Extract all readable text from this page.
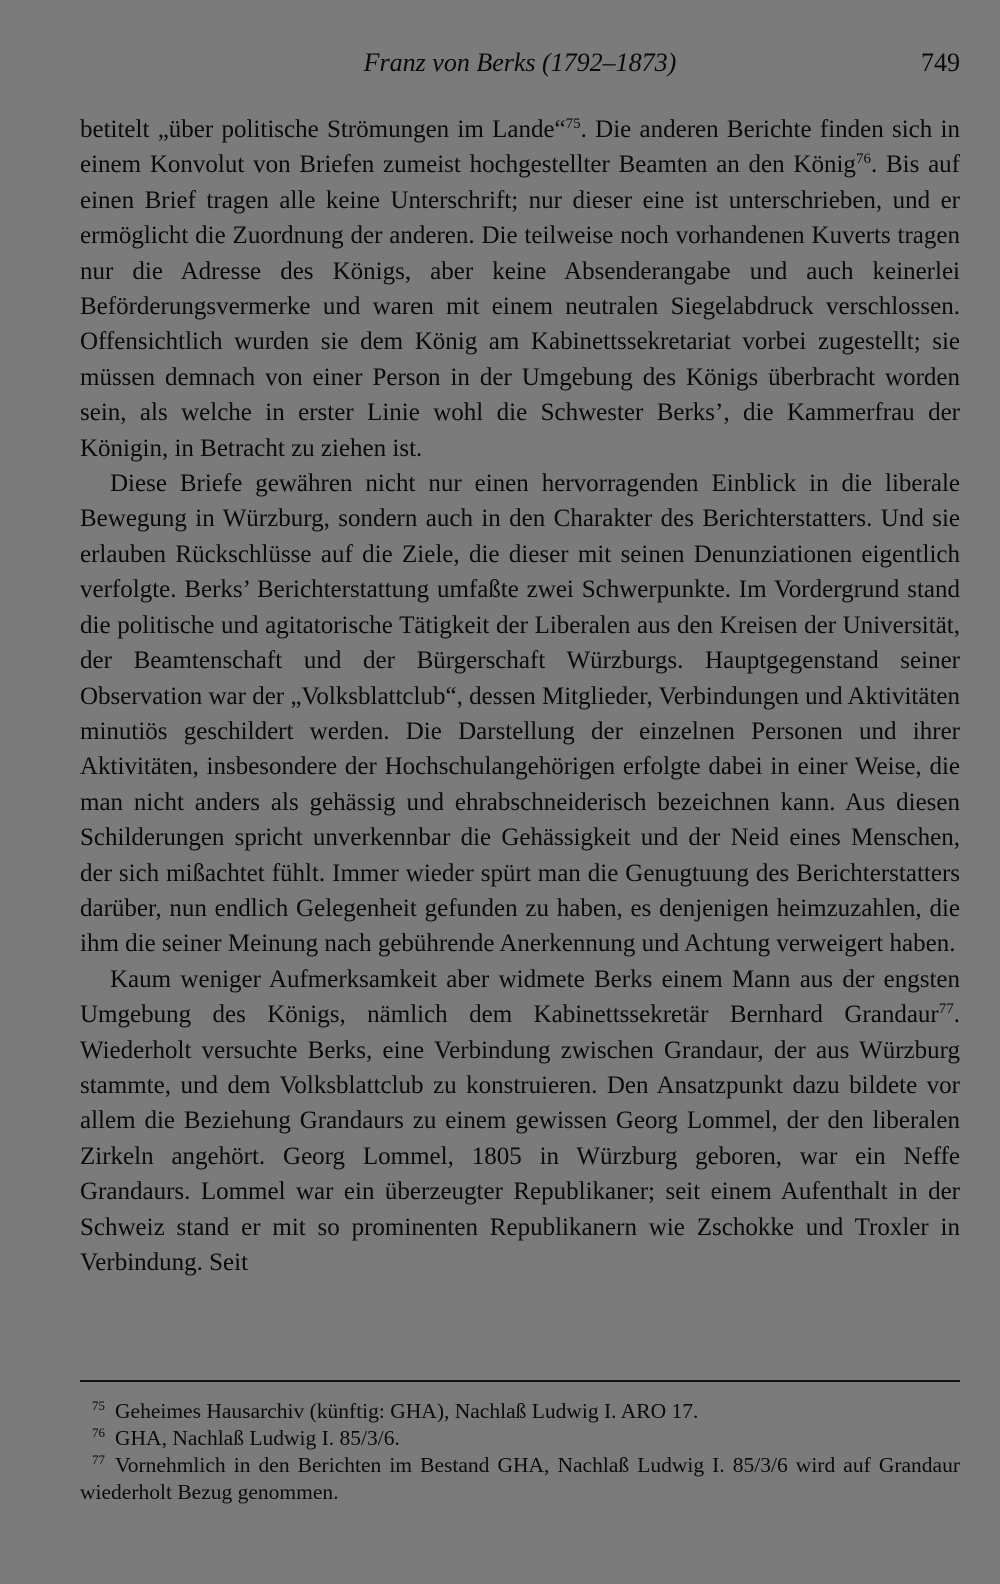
Franz von Berks (1792–1873)	749

betitelt „über politische Strömungen im Lande“$^{75}$. Die anderen Berichte finden sich in einem Konvolut von Briefen zumeist hochgestellter Beamten an den König$^{76}$. Bis auf einen Brief tragen alle keine Unterschrift; nur dieser eine ist unterschrieben, und er ermöglicht die Zuordnung der anderen. Die teilweise noch vorhandenen Kuverts tragen nur die Adresse des Königs, aber keine Absenderangabe und auch keinerlei Beförderungsvermerke und waren mit einem neutralen Siegelabdruck verschlossen. Offensichtlich wurden sie dem König am Kabinettssekretariat vorbei zugestellt; sie müssen demnach von einer Person in der Umgebung des Königs überbracht worden sein, als welche in erster Linie wohl die Schwester Berks’, die Kammerfrau der Königin, in Betracht zu ziehen ist.

Diese Briefe gewähren nicht nur einen hervorragenden Einblick in die liberale Bewegung in Würzburg, sondern auch in den Charakter des Berichterstatters. Und sie erlauben Rückschlüsse auf die Ziele, die dieser mit seinen Denunziationen eigentlich verfolgte. Berks’ Berichterstattung umfaßte zwei Schwerpunkte. Im Vordergrund stand die politische und agitatorische Tätigkeit der Liberalen aus den Kreisen der Universität, der Beamtenschaft und der Bürgerschaft Würzburgs. Hauptgegenstand seiner Observation war der „Volksblattclub“, dessen Mitglieder, Verbindungen und Aktivitäten minutiös geschildert werden. Die Darstellung der einzelnen Personen und ihrer Aktivitäten, insbesondere der Hochschulangehörigen erfolgte dabei in einer Weise, die man nicht anders als gehässig und ehrabschneiderisch bezeichnen kann. Aus diesen Schilderungen spricht unverkennbar die Gehässigkeit und der Neid eines Menschen, der sich mißachtet fühlt. Immer wieder spürt man die Genugtuung des Berichterstatters darüber, nun endlich Gelegenheit gefunden zu haben, es denjenigen heimzuzahlen, die ihm die seiner Meinung nach gebührende Anerkennung und Achtung verweigert haben.

Kaum weniger Aufmerksamkeit aber widmete Berks einem Mann aus der engsten Umgebung des Königs, nämlich dem Kabinettssekretär Bernhard Grandaur$^{77}$. Wiederholt versuchte Berks, eine Verbindung zwischen Grandaur, der aus Würzburg stammte, und dem Volksblattclub zu konstruieren. Den Ansatzpunkt dazu bildete vor allem die Beziehung Grandaurs zu einem gewissen Georg Lommel, der den liberalen Zirkeln angehört. Georg Lommel, 1805 in Würzburg geboren, war ein Neffe Grandaurs. Lommel war ein überzeugter Republikaner; seit einem Aufenthalt in der Schweiz stand er mit so prominenten Republikanern wie Zschokke und Troxler in Verbindung. Seit

$^{75}$ Geheimes Hausarchiv (künftig: GHA), Nachlaß Ludwig I. ARO 17.
$^{76}$ GHA, Nachlaß Ludwig I. 85/3/6.
$^{77}$ Vornehmlich in den Berichten im Bestand GHA, Nachlaß Ludwig I. 85/3/6 wird auf Grandaur wiederholt Bezug genommen.
